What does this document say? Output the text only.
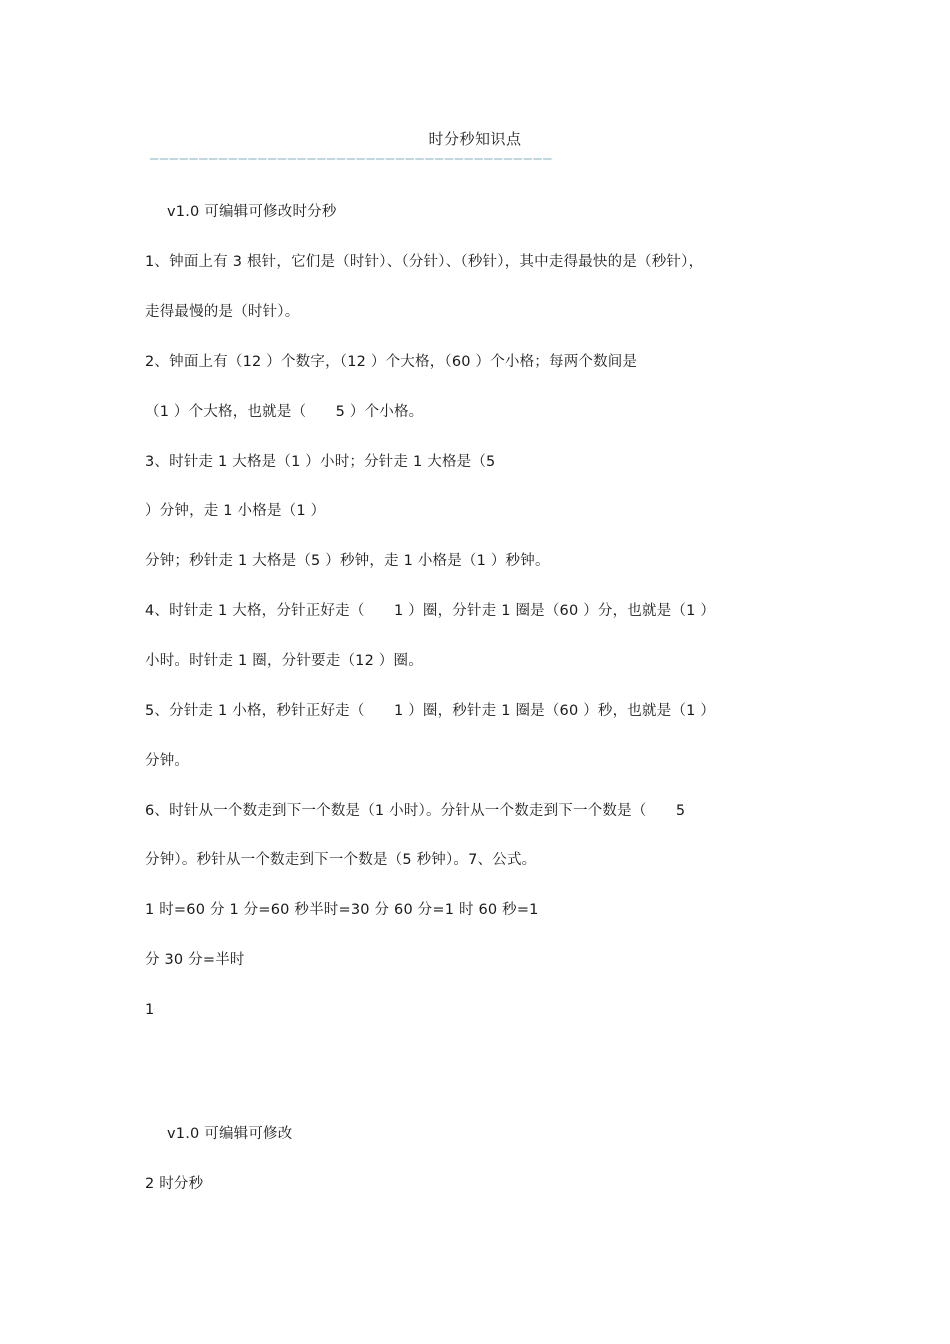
时分秒知识点
—————————————————————————————————————————
v1.0 可编辑可修改时分秒
1、钟面上有 3 根针，它们是（时针）、（分针）、（秒针），其中走得最快的是（秒针），
走得最慢的是（时针）。
2、钟面上有（12 ）个数字，（12 ）个大格，（60 ）个小格；每两个数间是
（1 ）个大格，也就是（　　5 ）个小格。
3、时针走 1 大格是（1 ）小时；分针走 1 大格是（5
）分钟，走 1 小格是（1 ）
分钟；秒针走 1 大格是（5 ）秒钟，走 1 小格是（1 ）秒钟。
4、时针走 1 大格，分针正好走（　　1 ）圈，分针走 1 圈是（60 ）分，也就是（1 ）
小时。时针走 1 圈，分针要走（12 ）圈。
5、分针走 1 小格，秒针正好走（　　1 ）圈，秒针走 1 圈是（60 ）秒，也就是（1 ）
分钟。
6、时针从一个数走到下一个数是（1 小时）。分针从一个数走到下一个数是（　　5
分钟）。秒针从一个数走到下一个数是（5 秒钟）。7、公式。
1 时=60 分 1 分=60 秒半时=30 分 60 分=1 时 60 秒=1
分 30 分=半时
1
v1.0 可编辑可修改
2 时分秒
